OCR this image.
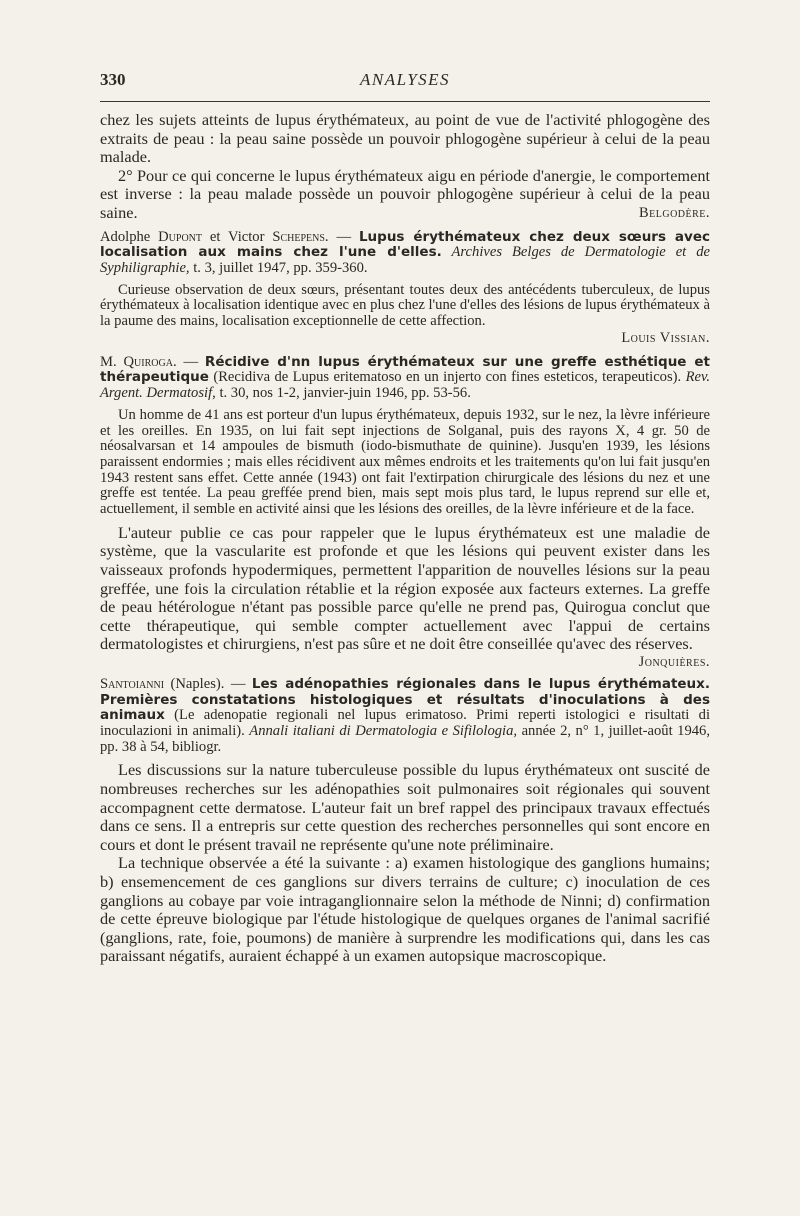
330	ANALYSES

chez les sujets atteints de lupus érythémateux, au point de vue de l'activité phlogogène des extraits de peau : la peau saine possède un pouvoir phlogogène supérieur à celui de la peau malade.

2° Pour ce qui concerne le lupus érythémateux aigu en période d'anergie, le comportement est inverse : la peau malade possède un pouvoir phlogogène supérieur à celui de la peau saine.	Belgodère.

Adolphe Dupont et Victor Schepens. — Lupus érythémateux chez deux sœurs avec localisation aux mains chez l'une d'elles. Archives Belges de Dermatologie et de Syphiligraphie, t. 3, juillet 1947, pp. 359-360.

Curieuse observation de deux sœurs, présentant toutes deux des antécédents tuberculeux, de lupus érythémateux à localisation identique avec en plus chez l'une d'elles des lésions de lupus érythémateux à la paume des mains, localisation exceptionnelle de cette affection.

Louis Vissian.

M. Quiroga. — Récidive d'nn lupus érythémateux sur une greffe esthétique et thérapeutique (Recidiva de Lupus eritematoso en un injerto con fines esteticos, terapeuticos). Rev. Argent. Dermatosif, t. 30, nos 1-2, janvier-juin 1946, pp. 53-56.

Un homme de 41 ans est porteur d'un lupus érythémateux, depuis 1932, sur le nez, la lèvre inférieure et les oreilles. En 1935, on lui fait sept injections de Solganal, puis des rayons X, 4 gr. 50 de néosalvarsan et 14 ampoules de bismuth (iodo-bismuthate de quinine). Jusqu'en 1939, les lésions paraissent endormies ; mais elles récidivent aux mêmes endroits et les traitements qu'on lui fait jusqu'en 1943 restent sans effet. Cette année (1943) ont fait l'extirpation chirurgicale des lésions du nez et une greffe est tentée. La peau greffée prend bien, mais sept mois plus tard, le lupus reprend sur elle et, actuellement, il semble en activité ainsi que les lésions des oreilles, de la lèvre inférieure et de la face.

L'auteur publie ce cas pour rappeler que le lupus érythémateux est une maladie de système, que la vascularite est profonde et que les lésions qui peuvent exister dans les vaisseaux profonds hypodermiques, permettent l'apparition de nouvelles lésions sur la peau greffée, une fois la circulation rétablie et la région exposée aux facteurs externes. La greffe de peau hétérologue n'étant pas possible parce qu'elle ne prend pas, Quirogua conclut que cette thérapeutique, qui semble compter actuellement avec l'appui de certains dermatologistes et chirurgiens, n'est pas sûre et ne doit être conseillée qu'avec des réserves.

Jonquières.

Santoianni (Naples). — Les adénopathies régionales dans le lupus érythémateux. Premières constatations histologiques et résultats d'inoculations à des animaux (Le adenopatie regionali nel lupus erimatoso. Primi reperti istologici e risultati di inoculazioni in animali). Annali italiani di Dermatologia e Sifilologia, année 2, n° 1, juillet-août 1946, pp. 38 à 54, bibliogr.

Les discussions sur la nature tuberculeuse possible du lupus érythémateux ont suscité de nombreuses recherches sur les adénopathies soit pulmonaires soit régionales qui souvent accompagnent cette dermatose. L'auteur fait un bref rappel des principaux travaux effectués dans ce sens. Il a entrepris sur cette question des recherches personnelles qui sont encore en cours et dont le présent travail ne représente qu'une note préliminaire.

La technique observée a été la suivante : a) examen histologique des ganglions humains; b) ensemencement de ces ganglions sur divers terrains de culture; c) inoculation de ces ganglions au cobaye par voie intraganglionnaire selon la méthode de Ninni; d) confirmation de cette épreuve biologique par l'étude histologique de quelques organes de l'animal sacrifié (ganglions, rate, foie, poumons) de manière à surprendre les modifications qui, dans les cas paraissant négatifs, auraient échappé à un examen autopsique macroscopique.
